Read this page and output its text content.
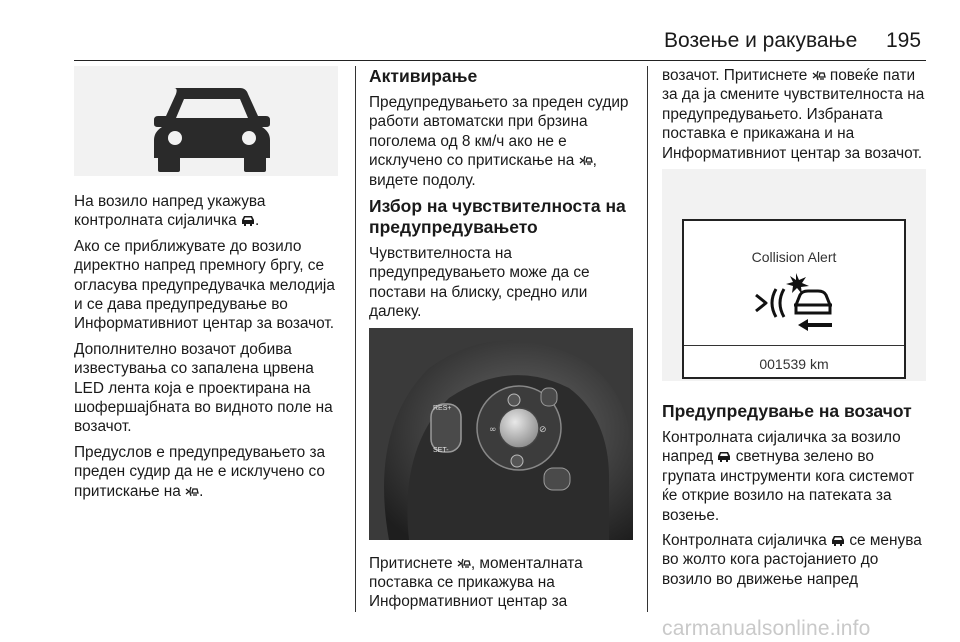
Возење и ракување 195

На возило напред укажува контролната сијаличка .

Ако се приближувате до возило директно напред премногу бргу, се огласува предупредувачка мелодија и се дава предупредување во Информативниот центар за возачот.

Дополнително возачот добива известувања со запалена црвена LED лента која е проектирана на шофершајбната во видното поле на возачот.

Предуслов е предупредувањето за преден судир да не е исклучено со притискање на .

Активирање

Предупредувањето за преден судир работи автоматски при брзина поголема од 8 км/ч ако не е исклучено со притискање на , видете подолу.

Избор на чувствителноста на предупредувањето

Чувствителноста на предупредувањето може да се постави на блиску, средно или далеку.

RES+
SET-
∞	⊘

Притиснете , моменталната поставка се прикажува на Информативниот центар за

возачот. Притиснете  повеќе пати за да ја смените чувствителноста на предупредувањето. Избраната поставка е прикажана и на Информативниот центар за возачот.

Collision Alert
001539 km
Предупредување на возачот

Контролната сијаличка за возило напред  светнува зелено во групата инструменти кога системот ќе открие возило на патеката за возење.

Контролната сијаличка  се менува во жолто кога растојанието до возило во движење напред

carmanualsonline.info
